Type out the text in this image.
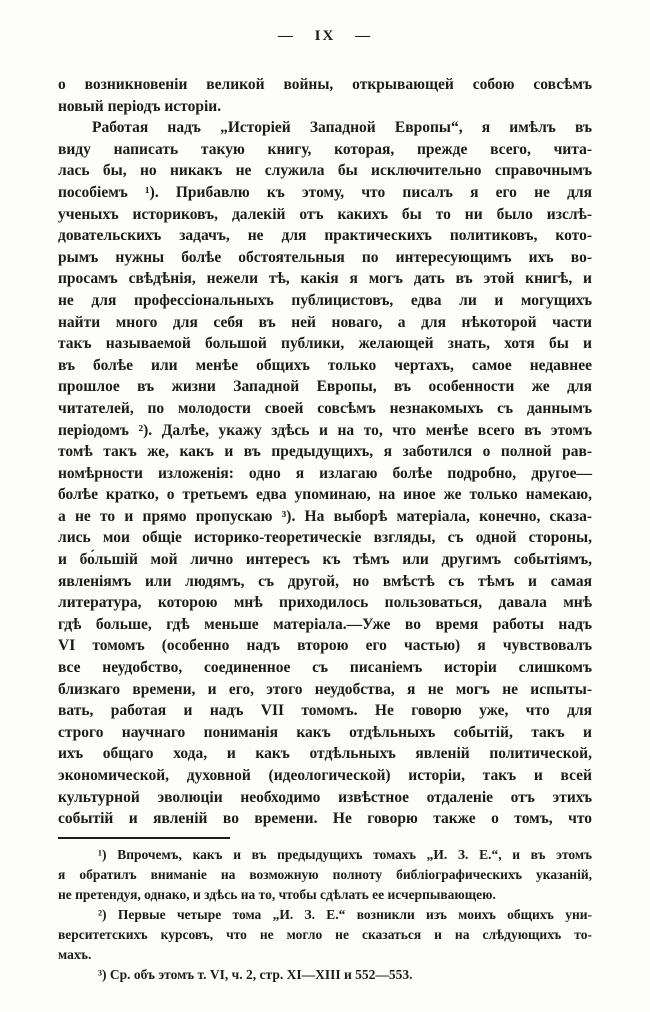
— IX —
о возникновеніи великой войны, открывающей собою совсѣмъ
новый періодъ исторіи.
Работая надъ „Исторіей Западной Европы“, я имѣлъ въ
виду написать такую книгу, которая, прежде всего, чита-
лась бы, но никакъ не служила бы исключительно справочнымъ
пособіемъ ¹). Прибавлю къ этому, что писалъ я его не для
ученыхъ историковъ, далекій отъ какихъ бы то ни было изслѣ-
довательскихъ задачъ, не для практическихъ политиковъ, кото-
рымъ нужны болѣе обстоятельныя по интересующимъ ихъ во-
просамъ свѣдѣнія, нежели тѣ, какія я могъ дать въ этой книгѣ, и
не для профессіональныхъ публицистовъ, едва ли и могущихъ
найти много для себя въ ней новаго, а для нѣкоторой части
такъ называемой большой публики, желающей знать, хотя бы и
въ болѣе или менѣе общихъ только чертахъ, самое недавнее
прошлое въ жизни Западной Европы, въ особенности же для
читателей, по молодости своей совсѣмъ незнакомыхъ съ даннымъ
періодомъ ²). Далѣе, укажу здѣсь и на то, что менѣе всего въ этомъ
томѣ такъ же, какъ и въ предыдущихъ, я заботился о полной рав-
номѣрности изложенія: одно я излагаю болѣе подробно, другое—
болѣе кратко, о третьемъ едва упоминаю, на иное же только намекаю,
а не то и прямо пропускаю ³). На выборѣ матеріала, конечно, сказа-
лись мои общіе историко-теоретическіе взгляды, съ одной стороны,
и бо́льшій мой лично интересъ къ тѣмъ или другимъ событіямъ,
явленіямъ или людямъ, съ другой, но вмѣстѣ съ тѣмъ и самая
литература, которою мнѣ приходилось пользоваться, давала мнѣ
гдѣ больше, гдѣ меньше матеріала.—Уже во время работы надъ
VI томомъ (особенно надъ второю его частью) я чувствовалъ
все неудобство, соединенное съ писаніемъ исторіи слишкомъ
близкаго времени, и его, этого неудобства, я не могъ не испыты-
вать, работая и надъ VII томомъ. Не говорю уже, что для
строго научнаго пониманія какъ отдѣльныхъ событій, такъ и
ихъ общаго хода, и какъ отдѣльныхъ явленій политической,
экономической, духовной (идеологической) исторіи, такъ и всей
культурной эволюціи необходимо извѣстное отдаленіе отъ этихъ
событій и явленій во времени. Не говорю также о томъ, что
¹) Впрочемъ, какъ и въ предыдущихъ томахъ „И. З. Е.“, и въ этомъ
я обратилъ вниманіе на возможную полноту библіографическихъ указаній,
не претендуя, однако, и здѣсь на то, чтобы сдѣлать ее исчерпывающею.
²) Первые четыре тома „И. З. Е.“ возникли изъ моихъ общихъ уни-
верситетскихъ курсовъ, что не могло не сказаться и на слѣдующихъ то-
махъ.
³) Ср. объ этомъ т. VI, ч. 2, стр. XI—XIII и 552—553.
